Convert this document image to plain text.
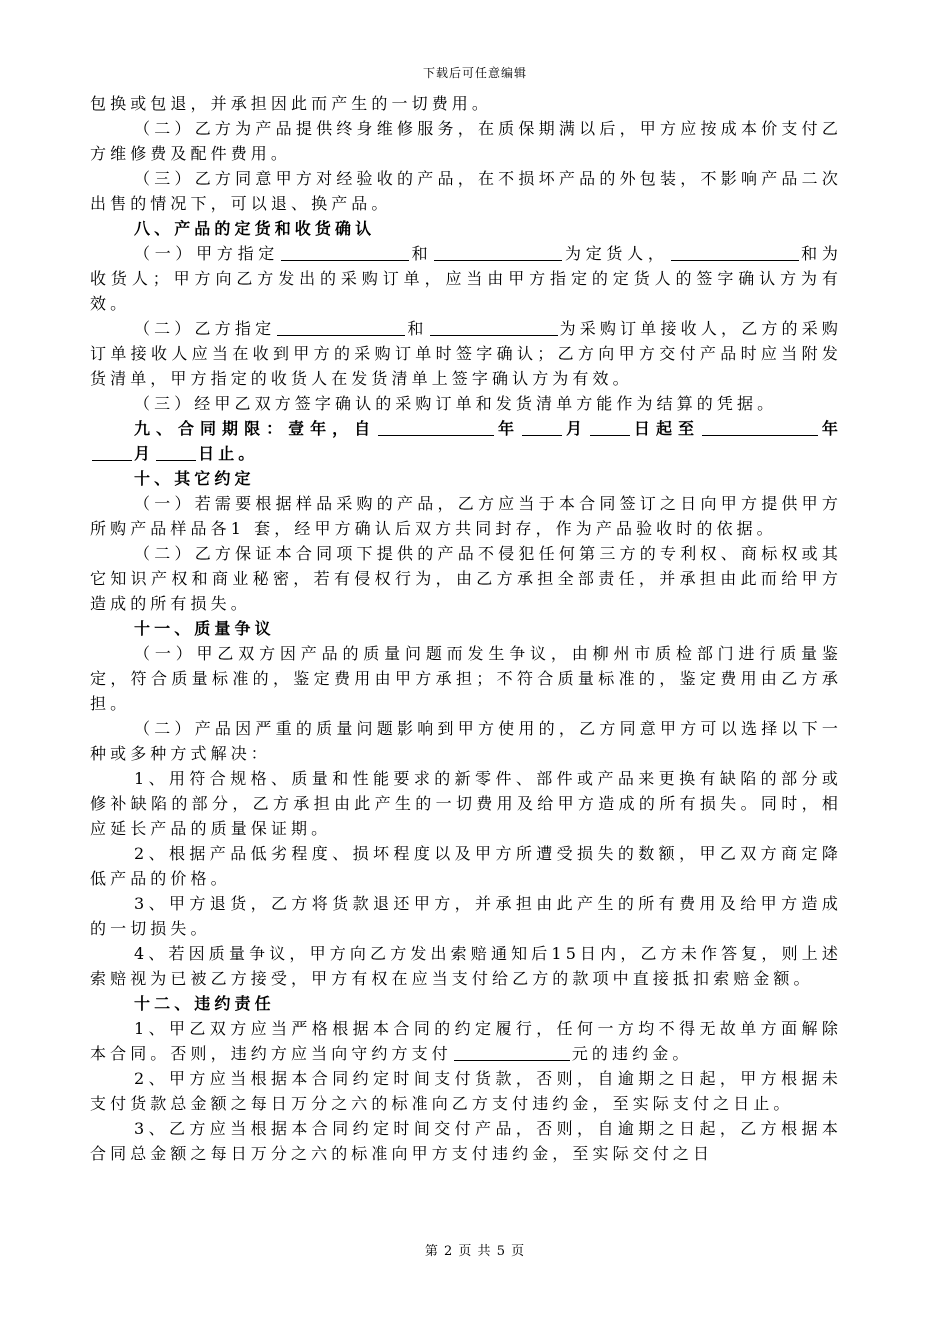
下载后可任意编辑

包换或包退，并承担因此而产生的一切费用。

（二）乙方为产品提供终身维修服务，在质保期满以后，甲方应按成本价支付乙方维修费及配件费用。

（三）乙方同意甲方对经验收的产品，在不损坏产品的外包装，不影响产品二次出售的情况下，可以退、换产品。

八、产品的定货和收货确认

（一）甲方指定	和	为定货人，	和为收货人；甲方向乙方发出的采购订单，应当由甲方指定的定货人的签字确认方为有效。

（二）乙方指定	和	为采购订单接收人，乙方的采购订单接收人应当在收到甲方的采购订单时签字确认；乙方向甲方交付产品时应当附发货清单，甲方指定的收货人在发货清单上签字确认方为有效。

（三）经甲乙双方签字确认的采购订单和发货清单方能作为结算的凭据。

九、合同期限：壹年，自	年	月	日起至	年月	日止。

十、其它约定

（一）若需要根据样品采购的产品，乙方应当于本合同签订之日向甲方提供甲方所购产品样品各1 套，经甲方确认后双方共同封存，作为产品验收时的依据。

（二）乙方保证本合同项下提供的产品不侵犯任何第三方的专利权、商标权或其它知识产权和商业秘密，若有侵权行为，由乙方承担全部责任，并承担由此而给甲方造成的所有损失。

十一、质量争议

（一）甲乙双方因产品的质量问题而发生争议，由柳州市质检部门进行质量鉴定，符合质量标准的，鉴定费用由甲方承担；不符合质量标准的，鉴定费用由乙方承担。

（二）产品因严重的质量问题影响到甲方使用的，乙方同意甲方可以选择以下一种或多种方式解决：

1、用符合规格、质量和性能要求的新零件、部件或产品来更换有缺陷的部分或修补缺陷的部分，乙方承担由此产生的一切费用及给甲方造成的所有损失。同时，相应延长产品的质量保证期。

2、根据产品低劣程度、损坏程度以及甲方所遭受损失的数额，甲乙双方商定降低产品的价格。

3、甲方退货，乙方将货款退还甲方，并承担由此产生的所有费用及给甲方造成的一切损失。

4、若因质量争议，甲方向乙方发出索赔通知后15日内，乙方未作答复，则上述索赔视为已被乙方接受，甲方有权在应当支付给乙方的款项中直接抵扣索赔金额。

十二、违约责任

1、甲乙双方应当严格根据本合同的约定履行，任何一方均不得无故单方面解除本合同。否则，违约方应当向守约方支付	元的违约金。

2、甲方应当根据本合同约定时间支付货款，否则，自逾期之日起，甲方根据未支付货款总金额之每日万分之六的标准向乙方支付违约金，至实际支付之日止。

3、乙方应当根据本合同约定时间交付产品，否则，自逾期之日起，乙方根据本合同总金额之每日万分之六的标准向甲方支付违约金，至实际交付之日

第 2 页 共 5 页
